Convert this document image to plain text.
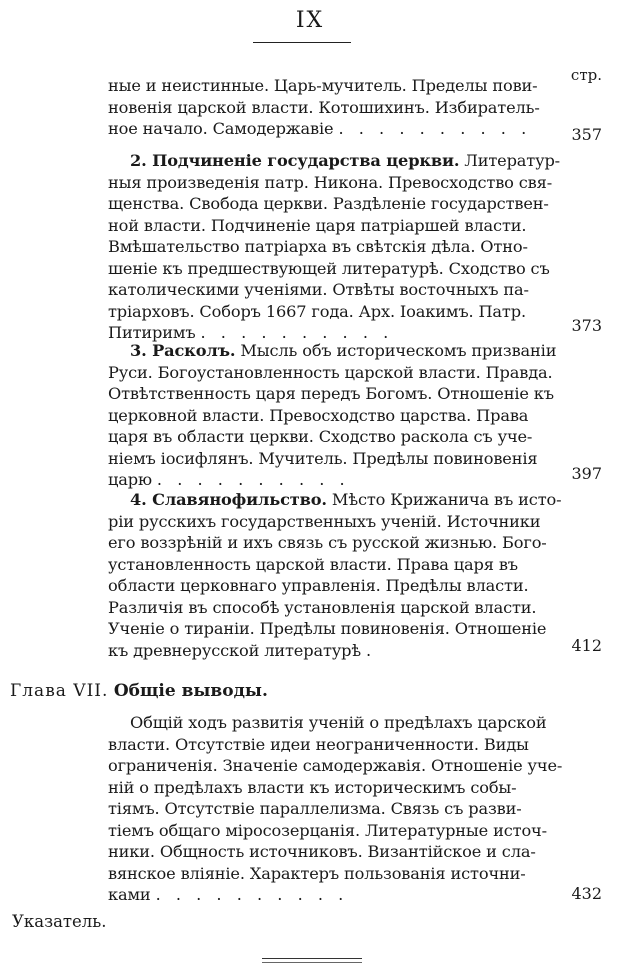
IX
стр.
ные и неистинные. Царь-мучитель. Пределы пови-
новенія царской власти. Котошихинъ. Избиратель-
ное начало. Самодержавіе . . . . . . . . . .	357
2. Подчиненіе государства церкви. Литератур-
ныя произведенія патр. Никона. Превосходство свя-
щенства. Свобода церкви. Раздѣленіе государствен-
ной власти. Подчиненіе царя патріаршей власти.
Вмѣшательство патріарха въ свѣтскія дѣла. Отно-
шеніе къ предшествующей литературѣ. Сходство съ
католическими ученіями. Отвѣты восточныхъ па-
тріарховъ. Соборъ 1667 года. Арх. Іоакимъ. Патр.
Питиримъ . . . . . . . . . .	373
3. Расколъ. Мысль объ историческомъ призваніи
Руси. Богоустановленность царской власти. Правда.
Отвѣтственность царя передъ Богомъ. Отношеніе къ
церковной власти. Превосходство царства. Права
царя въ области церкви. Сходство раскола съ уче-
ніемъ іосифлянъ. Мучитель. Предѣлы повиновенія
царю . . . . . . . . . .	397
4. Славянофильство. Мѣсто Крижанича въ исто-
ріи русскихъ государственныхъ ученій. Источники
его воззрѣній и ихъ связь съ русской жизнью. Бого-
установленность царской власти. Права царя въ
области церковнаго управленія. Предѣлы власти.
Различія въ способѣ установленія царской власти.
Ученіе о тираніи. Предѣлы повиновенія. Отношеніе
къ древнерусской литературѣ .	412
Глава VII. Общіе выводы.
Общій ходъ развитія ученій о предѣлахъ царской
власти. Отсутствіе идеи неограниченности. Виды
ограниченія. Значеніе самодержавія. Отношеніе уче-
ній о предѣлахъ власти къ историческимъ собы-
тіямъ. Отсутствіе параллелизма. Связь съ разви-
тіемъ общаго міросозерцанія. Литературные источ-
ники. Общность источниковъ. Византійское и сла-
вянское вліяніе. Характеръ пользованія источни-
ками . . . . . . . . . .	432
Указатель.
